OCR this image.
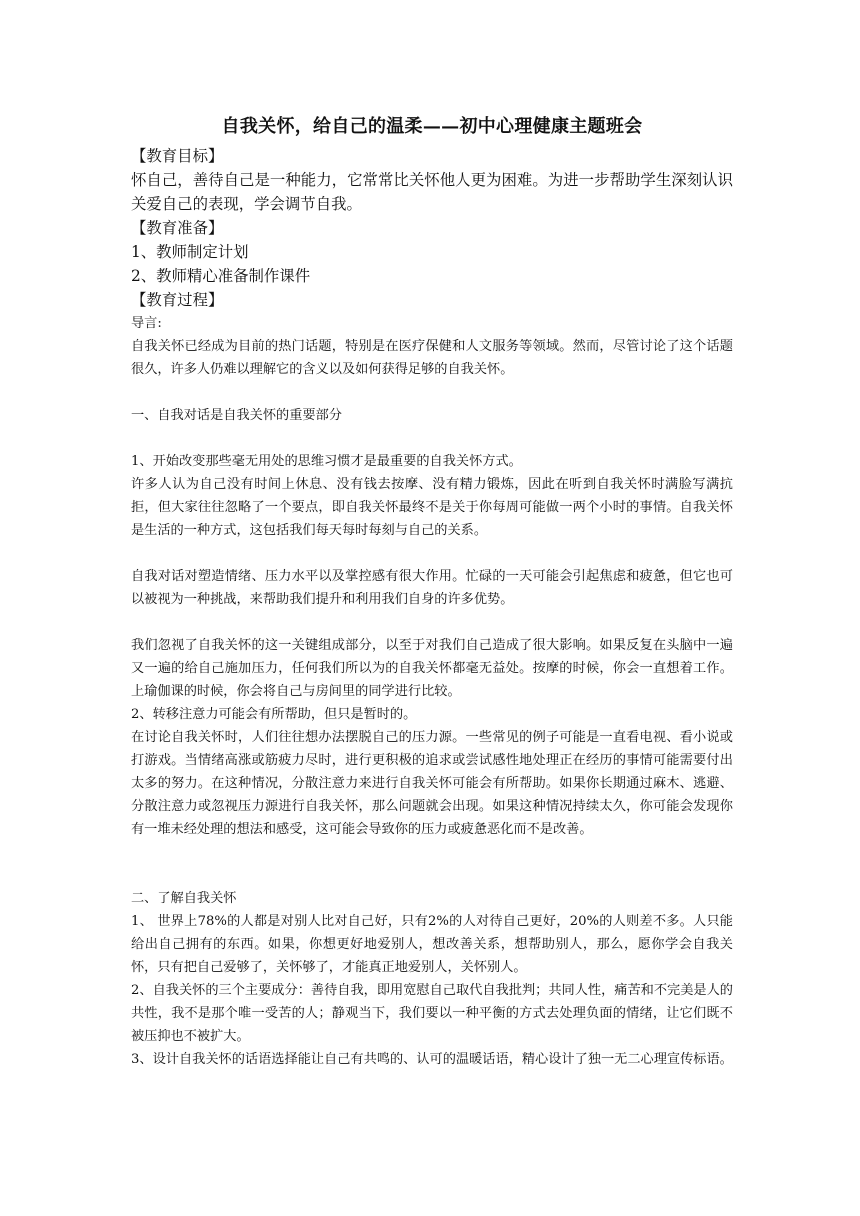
自我关怀，给自己的温柔——初中心理健康主题班会

【教育目标】

怀自己，善待自己是一种能力，它常常比关怀他人更为困难。为进一步帮助学生深刻认识关爱自己的表现，学会调节自我。

【教育准备】

1、教师制定计划

2、教师精心准备制作课件

【教育过程】

导言:

自我关怀已经成为目前的热门话题，特别是在医疗保健和人文服务等领域。然而，尽管讨论了这个话题很久，许多人仍难以理解它的含义以及如何获得足够的自我关怀。

一、自我对话是自我关怀的重要部分

1、开始改变那些毫无用处的思维习惯才是最重要的自我关怀方式。

许多人认为自己没有时间上休息、没有钱去按摩、没有精力锻炼，因此在听到自我关怀时满脸写满抗拒，但大家往往忽略了一个要点，即自我关怀最终不是关于你每周可能做一两个小时的事情。自我关怀是生活的一种方式，这包括我们每天每时每刻与自己的关系。

自我对话对塑造情绪、压力水平以及掌控感有很大作用。忙碌的一天可能会引起焦虑和疲惫，但它也可以被视为一种挑战，来帮助我们提升和利用我们自身的许多优势。

我们忽视了自我关怀的这一关键组成部分，以至于对我们自己造成了很大影响。如果反复在头脑中一遍又一遍的给自己施加压力，任何我们所以为的自我关怀都毫无益处。按摩的时候，你会一直想着工作。上瑜伽课的时候，你会将自己与房间里的同学进行比较。

2、转移注意力可能会有所帮助，但只是暂时的。

在讨论自我关怀时，人们往往想办法摆脱自己的压力源。一些常见的例子可能是一直看电视、看小说或打游戏。当情绪高涨或筋疲力尽时，进行更积极的追求或尝试感性地处理正在经历的事情可能需要付出太多的努力。在这种情况，分散注意力来进行自我关怀可能会有所帮助。如果你长期通过麻木、逃避、分散注意力或忽视压力源进行自我关怀，那么问题就会出现。如果这种情况持续太久，你可能会发现你有一堆未经处理的想法和感受，这可能会导致你的压力或疲惫恶化而不是改善。

二、了解自我关怀

1、 世界上78%的人都是对别人比对自己好，只有2%的人对待自己更好，20%的人则差不多。人只能给出自己拥有的东西。如果，你想更好地爱别人，想改善关系，想帮助别人，那么，愿你学会自我关怀，只有把自己爱够了，关怀够了，才能真正地爱别人，关怀别人。

2、自我关怀的三个主要成分：善待自我，即用宽慰自己取代自我批判；共同人性，痛苦和不完美是人的共性，我不是那个唯一受苦的人；静观当下，我们要以一种平衡的方式去处理负面的情绪，让它们既不被压抑也不被扩大。

3、设计自我关怀的话语选择能让自己有共鸣的、认可的温暖话语，精心设计了独一无二心理宣传标语。
